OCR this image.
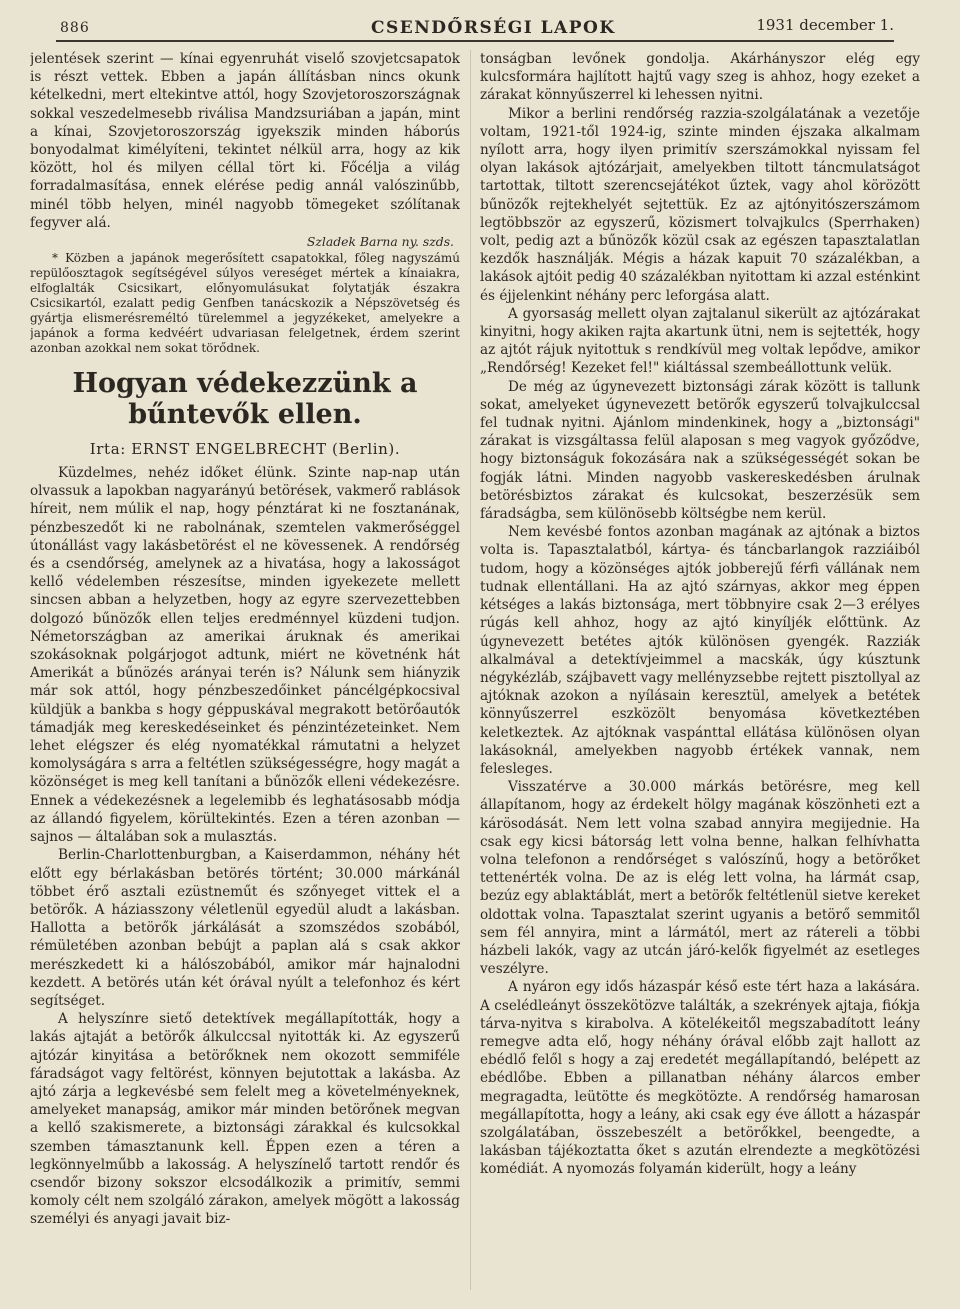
886	CSENDŐRSÉGI LAPOK	1931 december 1.

jelentések szerint — kínai egyenruhát viselő szovjetcsapatok is részt vettek. Ebben a japán állításban nincs okunk kételkedni, mert eltekintve attól, hogy Szovjetoroszországnak sokkal veszedelmesebb riválisa Mandzsuriában a japán, mint a kínai, Szovjetoroszország igyekszik minden háborús bonyodalmat kimélyíteni, tekintet nélkül arra, hogy az kik között, hol és milyen céllal tört ki. Főcélja a világ forradalmasítása, ennek elérése pedig annál valószinűbb, minél több helyen, minél nagyobb tömegeket szólítanak fegyver alá.

Szladek Barna ny. szds.

* Közben a japánok megerősített csapatokkal, főleg nagyszámú repülőosztagok segítségével súlyos vereséget mértek a kínaiakra, elfoglalták Csicsikart, előnyomulásukat folytatják északra Csicsikartól, ezalatt pedig Genfben tanácskozik a Népszövetség és gyártja elismerésreméltó türelemmel a jegyzékeket, amelyekre a japánok a forma kedvéért udvariasan felelgetnek, érdem szerint azonban azokkal nem sokat törődnek.

Hogyan védekezzünk a bűntevők ellen.
Irta: ERNST ENGELBRECHT (Berlin).

Küzdelmes, nehéz időket élünk. Szinte nap-nap után olvassuk a lapokban nagyarányú betörések, vakmerő rablások híreit, nem múlik el nap, hogy pénztárat ki ne fosztanának, pénzbeszedőt ki ne rabolnának, szemtelen vakmerőséggel útonállást vagy lakásbetörést el ne kövessenek. A rendőrség és a csendőrség, amelynek az a hivatása, hogy a lakosságot kellő védelemben részesítse, minden igyekezete mellett sincsen abban a helyzetben, hogy az egyre szervezettebben dolgozó bűnözők ellen teljes eredménnyel küzdeni tudjon. Németországban az amerikai áruknak és amerikai szokásoknak polgárjogot adtunk, miért ne követnénk hát Amerikát a bűnözés arányai terén is? Nálunk sem hiányzik már sok attól, hogy pénzbeszedőinket páncélgépkocsival küldjük a bankba s hogy géppuskával megrakott betörőautók támadják meg kereskedéseinket és pénzintézeteinket. Nem lehet elégszer és elég nyomatékkal rámutatni a helyzet komolyságára s arra a feltétlen szükségességre, hogy magát a közönséget is meg kell tanítani a bűnözők elleni védekezésre. Ennek a védekezésnek a legelemibb és leghatásosabb módja az állandó figyelem, körültekintés. Ezen a téren azonban — sajnos — általában sok a mulasztás.

Berlin-Charlottenburgban, a Kaiserdammon, néhány hét előtt egy bérlakásban betörés történt; 30.000 márkánál többet érő asztali ezüstneműt és szőnyeget vittek el a betörők. A háziasszony véletlenül egyedül aludt a lakásban. Hallotta a betörők járkálását a szomszédos szobából, rémületében azonban bebújt a paplan alá s csak akkor merészkedett ki a hálószobából, amikor már hajnalodni kezdett. A betörés után két órával nyúlt a telefonhoz és kért segítséget.

A helyszínre siető detektívek megállapították, hogy a lakás ajtaját a betörők álkulccsal nyitották ki. Az egyszerű ajtózár kinyitása a betörőknek nem okozott semmiféle fáradságot vagy feltörést, könnyen bejutottak a lakásba. Az ajtó zárja a legkevésbé sem felelt meg a követelményeknek, amelyeket manapság, amikor már minden betörőnek megvan a kellő szakismerete, a biztonsági zárakkal és kulcsokkal szemben támasztanunk kell. Éppen ezen a téren a legkönnyelműbb a lakosság. A helyszínelő tartott rendőr és csendőr bizony sokszor elcsodálkozik a primitív, semmi komoly célt nem szolgáló zárakon, amelyek mögött a lakosság személyi és anyagi javait biz-

tonságban levőnek gondolja. Akárhányszor elég egy kulcsformára hajlított hajtű vagy szeg is ahhoz, hogy ezeket a zárakat könnyűszerrel ki lehessen nyitni.

Mikor a berlini rendőrség razzia-szolgálatának a vezetője voltam, 1921-től 1924-ig, szinte minden éjszaka alkalmam nyílott arra, hogy ilyen primitív szerszámokkal nyissam fel olyan lakások ajtózárjait, amelyekben tiltott táncmulatságot tartottak, tiltott szerencsejátékot űztek, vagy ahol körözött bűnözők rejtekhelyét sejtettük. Ez az ajtónyitószerszámom legtöbbször az egyszerű, közismert tolvajkulcs (Sperrhaken) volt, pedig azt a bűnözők közül csak az egészen tapasztalatlan kezdők használják. Mégis a házak kapuit 70 százalékban, a lakások ajtóit pedig 40 százalékban nyitottam ki azzal esténkint és éjjelenkint néhány perc leforgása alatt.

A gyorsaság mellett olyan zajtalanul sikerült az ajtózárakat kinyitni, hogy akiken rajta akartunk ütni, nem is sejtették, hogy az ajtót rájuk nyitottuk s rendkívül meg voltak lepődve, amikor „Rendőrség! Kezeket fel!" kiáltással szembeállottunk velük.

De még az úgynevezett biztonsági zárak között is tallunk sokat, amelyeket úgynevezett betörők egyszerű tolvajkulccsal fel tudnak nyitni. Ajánlom mindenkinek, hogy a „biztonsági" zárakat is vizsgáltassa felül alaposan s meg vagyok győződve, hogy biztonságuk fokozására nak a szükségességét sokan be fogják látni. Minden nagyobb vaskereskedésben árulnak betörésbiztos zárakat és kulcsokat, beszerzésük sem fáradságba, sem különösebb költségbe nem kerül.

Nem kevésbé fontos azonban magának az ajtónak a biztos volta is. Tapasztalatból, kártya- és táncbarlangok razziáiból tudom, hogy a közönséges ajtók jobberejű férfi vállának nem tudnak ellentállani. Ha az ajtó szárnyas, akkor meg éppen kétséges a lakás biztonsága, mert többnyire csak 2—3 erélyes rúgás kell ahhoz, hogy az ajtó kinyíljék előttünk. Az úgynevezett betétes ajtók különösen gyengék. Razziák alkalmával a detektívjeimmel a macskák, úgy kúsztunk négykézláb, szájbavett vagy mellényzsebbe rejtett pisztollyal az ajtóknak azokon a nyílásain keresztül, amelyek a betétek könnyűszerrel eszközölt benyomása következtében keletkeztek. Az ajtóknak vaspánttal ellátása különösen olyan lakásoknál, amelyekben nagyobb értékek vannak, nem felesleges.

Visszatérve a 30.000 márkás betörésre, meg kell állapítanom, hogy az érdekelt hölgy magának köszönheti ezt a kárösodását. Nem lett volna szabad annyira megijednie. Ha csak egy kicsi bátorság lett volna benne, halkan felhívhatta volna telefonon a rendőrséget s valószínű, hogy a betörőket tettenérték volna. De az is elég lett volna, ha lármát csap, bezúz egy ablaktáblát, mert a betörők feltétlenül sietve kereket oldottak volna. Tapasztalat szerint ugyanis a betörő semmitől sem fél annyira, mint a lármától, mert az rátereli a többi házbeli lakók, vagy az utcán járó-kelők figyelmét az esetleges veszélyre.

A nyáron egy idős házaspár késő este tért haza a lakására. A cselédleányt összekötözve találták, a szekrények ajtaja, fiókja tárva-nyitva s kirabolva. A kötelékeitől megszabadított leány remegve adta elő, hogy néhány órával előbb zajt hallott az ebédlő felől s hogy a zaj eredetét megállapítandó, belépett az ebédlőbe. Ebben a pillanatban néhány álarcos ember megragadta, leütötte és megkötözte. A rendőrség hamarosan megállapította, hogy a leány, aki csak egy éve állott a házaspár szolgálatában, összebeszélt a betörőkkel, beengedte, a lakásban tájékoztatta őket s azután elrendezte a megkötözési komédiát. A nyomozás folyamán kiderült, hogy a leány
